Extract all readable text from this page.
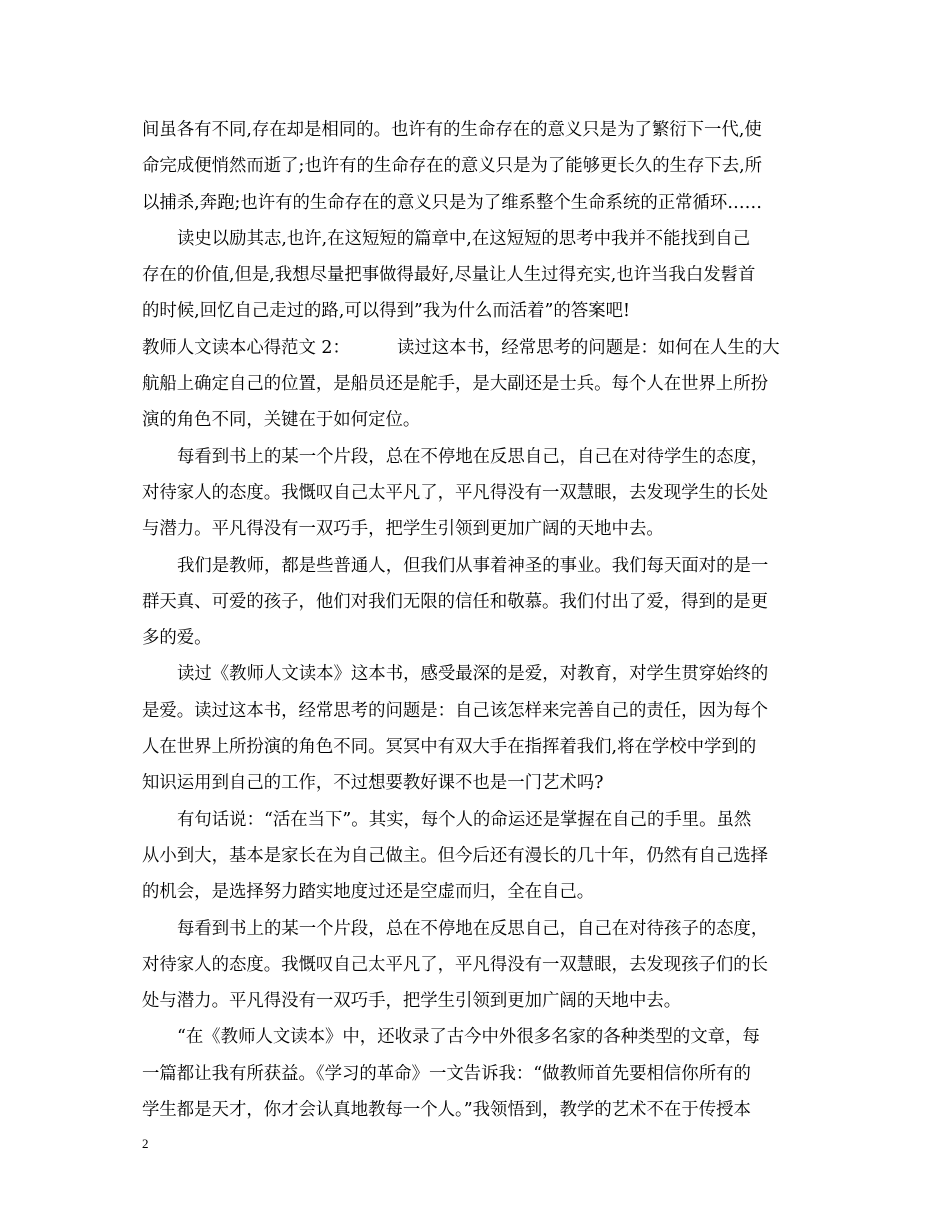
间虽各有不同,存在却是相同的。也许有的生命存在的意义只是为了繁衍下一代,使
命完成便悄然而逝了;也许有的生命存在的意义只是为了能够更长久的生存下去,所
以捕杀,奔跑;也许有的生命存在的意义只是为了维系整个生命系统的正常循环……
读史以励其志,也许,在这短短的篇章中,在这短短的思考中我并不能找到自己
存在的价值,但是,我想尽量把事做得最好,尽量让人生过得充实,也许当我白发髫首
的时候,回忆自己走过的路,可以得到”我为什么而活着”的答案吧!
教师人文读本心得范文 2：	读过这本书，经常思考的问题是：如何在人生的大
航船上确定自己的位置，是船员还是舵手，是大副还是士兵。每个人在世界上所扮
演的角色不同，关键在于如何定位。
每看到书上的某一个片段，总在不停地在反思自己，自己在对待学生的态度，
对待家人的态度。我慨叹自己太平凡了，平凡得没有一双慧眼，去发现学生的长处
与潜力。平凡得没有一双巧手，把学生引领到更加广阔的天地中去。
我们是教师，都是些普通人，但我们从事着神圣的事业。我们每天面对的是一
群天真、可爱的孩子，他们对我们无限的信任和敬慕。我们付出了爱，得到的是更
多的爱。
读过《教师人文读本》这本书，感受最深的是爱，对教育，对学生贯穿始终的
是爱。读过这本书，经常思考的问题是：自己该怎样来完善自己的责任，因为每个
人在世界上所扮演的角色不同。冥冥中有双大手在指挥着我们,将在学校中学到的
知识运用到自己的工作，不过想要教好课不也是一门艺术吗?
有句话说：“活在当下”。其实，每个人的命运还是掌握在自己的手里。虽然
从小到大，基本是家长在为自己做主。但今后还有漫长的几十年，仍然有自己选择
的机会，是选择努力踏实地度过还是空虚而归，全在自己。
每看到书上的某一个片段，总在不停地在反思自己，自己在对待孩子的态度，
对待家人的态度。我慨叹自己太平凡了，平凡得没有一双慧眼，去发现孩子们的长
处与潜力。平凡得没有一双巧手，把学生引领到更加广阔的天地中去。
“在《教师人文读本》中，还收录了古今中外很多名家的各种类型的文章，每
一篇都让我有所获益。《学习的革命》一文告诉我：“做教师首先要相信你所有的
学生都是天才，你才会认真地教每一个人。”我领悟到，教学的艺术不在于传授本
2
